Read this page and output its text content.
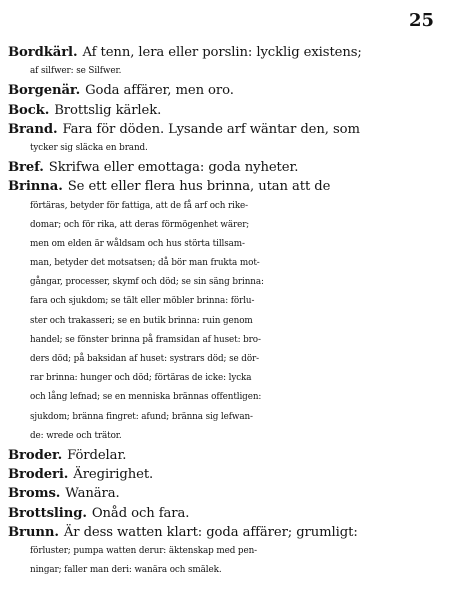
25
Bordkärl. Af tenn, lera eller porslin: lycklig existens;
af silfwer: se Silfwer.
Borgenär. Goda affärer, men oro.
Bock. Brottslig kärlek.
Brand. Fara för döden. Lysande arf wäntar den, som
tycker sig släcka en brand.
Bref. Skrifwa eller emottaga: goda nyheter.
Brinna. Se ett eller flera hus brinna, utan att de
förtäras, betyder för fattiga, att de få arf och rike-
domar; och för rika, att deras förmögenhet wärer;
men om elden är wåldsam och hus störta tillsam-
man, betyder det motsatsen; då bör man frukta mot-
gångar, processer, skymf och död; se sin säng brinna:
fara och sjukdom; se tält eller möbler brinna: förlu-
ster och trakasseri; se en butik brinna: ruin genom
handel; se fönster brinna på framsidan af huset: bro-
ders död; på baksidan af huset: systrars död; se dör-
rar brinna: hunger och död; förtäras de icke: lycka
och lång lefnad; se en menniska brännas offentligen:
sjukdom; bränna fingret: afund; bränna sig lefwan-
de: wrede och trätor.
Broder. Fördelar.
Broderi. Äregirighet.
Broms. Wanära.
Brottsling. Onåd och fara.
Brunn. Är dess watten klart: goda affärer; grumligt:
förluster; pumpa watten derur: äktenskap med pen-
ningar; faller man deri: wanära och smälek.
